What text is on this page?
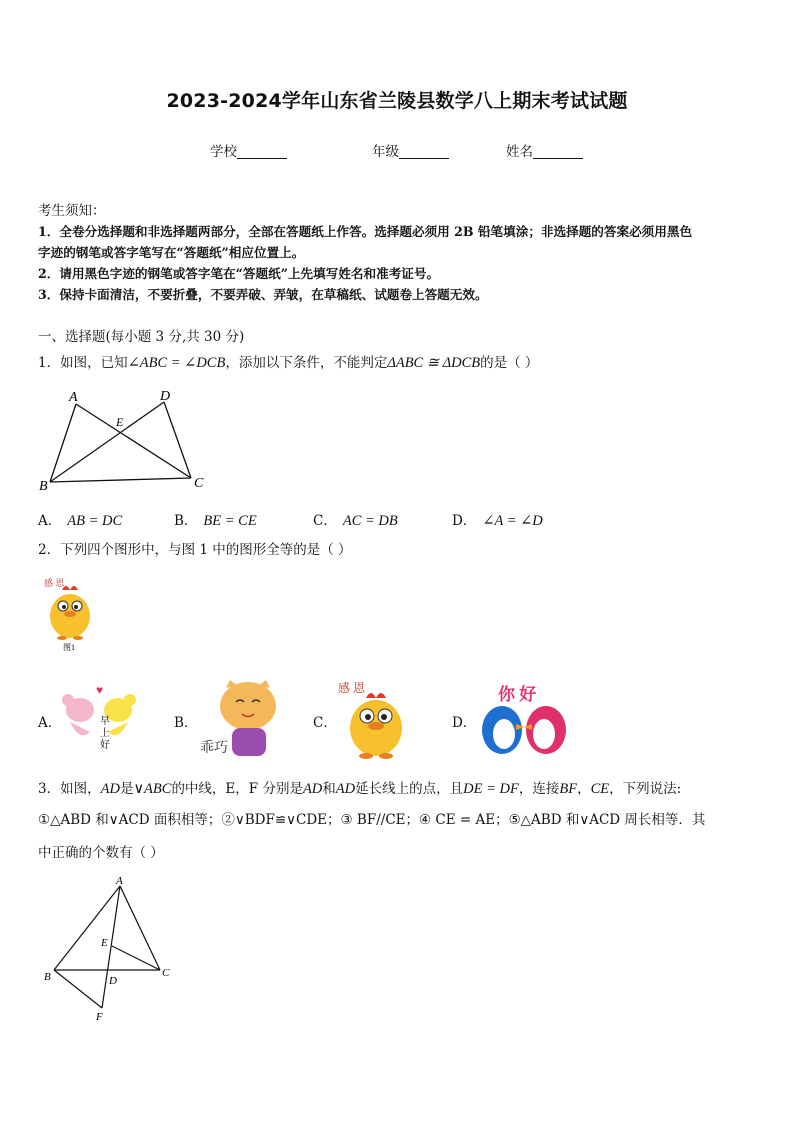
2023-2024学年山东省兰陵县数学八上期末考试试题
学校	年级	姓名
考生须知：
1．全卷分选择题和非选择题两部分，全部在答题纸上作答。选择题必须用 2B 铅笔填涂；非选择题的答案必须用黑色
字迹的钢笔或答字笔写在“答题纸”相应位置上。
2．请用黑色字迹的钢笔或答字笔在“答题纸”上先填写姓名和准考证号。
3．保持卡面清洁，不要折叠，不要弄破、弄皱，在草稿纸、试题卷上答题无效。
一、选择题(每小题 3 分,共 30 分)
1．如图，已知∠ABC = ∠DCB，添加以下条件，不能判定ΔABC ≅ ΔDCB的是（ ）
A	D
E
B	C
A． AB = DC	B． BE = CE	C． AC = DB	D． ∠A = ∠D
2．下列四个图形中，与图 1 中的图形全等的是（ ）
感 恩
图1
A．
♥
早
上
好
B．
乖巧
C．
感 恩
D．
你 好
3．如图，AD是∨ABC的中线，E，F 分别是AD和AD延长线上的点，且DE = DF，连接BF，CE，下列说法:
①△ABD 和∨ACD 面积相等；②∨BDF≌∨CDE；③ BF//CE；④ CE = AE；⑤△ABD 和∨ACD 周长相等．其
中正确的个数有（ ）
A
E
B	D
C
F
